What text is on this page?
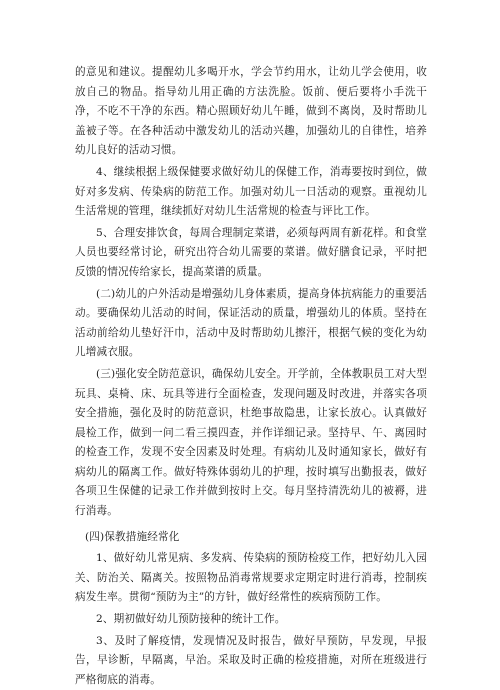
的意见和建议。提醒幼儿多喝开水，学会节约用水，让幼儿学会使用，收放自己的物品。指导幼儿用正确的方法洗脸。饭前、便后要将小手洗干净，不吃不干净的东西。精心照顾好幼儿午睡，做到不离岗，及时帮助儿盖被子等。在各种活动中激发幼儿的活动兴趣，加强幼儿的自律性，培养幼儿良好的活动习惯。

4、继续根据上级保健要求做好幼儿的保健工作，消毒要按时到位，做好对多发病、传染病的防范工作。加强对幼儿一日活动的观察。重视幼儿生活常规的管理，继续抓好对幼儿生活常规的检查与评比工作。

5、合理安排饮食，每周合理制定菜谱，必须每两周有新花样。和食堂人员也要经常讨论，研究出符合幼儿需要的菜谱。做好膳食记录，平时把反馈的情况传给家长，提高菜谱的质量。

(二)幼儿的户外活动是增强幼儿身体素质，提高身体抗病能力的重要活动。要确保幼儿活动的时间，保证活动的质量，增强幼儿的体质。坚持在活动前给幼儿垫好汗巾，活动中及时帮助幼儿擦汗，根据气候的变化为幼儿增减衣服。

(三)强化安全防范意识，确保幼儿安全。开学前，全体教职员工对大型玩具、桌椅、床、玩具等进行全面检查，发现问题及时改进，并落实各项安全措施，强化及时的防范意识，杜绝事故隐患，让家长放心。认真做好晨检工作，做到一问二看三摸四查，并作详细记录。坚持早、午、离园时的检查工作，发现不安全因素及时处理。有病幼儿及时通知家长，做好有病幼儿的隔离工作。做好特殊体弱幼儿的护理，按时填写出勤报表，做好各项卫生保健的记录工作并做到按时上交。每月坚持清洗幼儿的被褥，进行消毒。

(四)保教措施经常化

1、做好幼儿常见病、多发病、传染病的预防检疫工作，把好幼儿入园关、防治关、隔离关。按照物品消毒常规要求定期定时进行消毒，控制疾病发生率。贯彻“预防为主”的方针，做好经常性的疾病预防工作。

2、期初做好幼儿预防接种的统计工作。

3、及时了解疫情，发现情况及时报告，做好早预防，早发现，早报告，早诊断，早隔离，早治。采取及时正确的检疫措施，对所在班级进行严格彻底的消毒。
